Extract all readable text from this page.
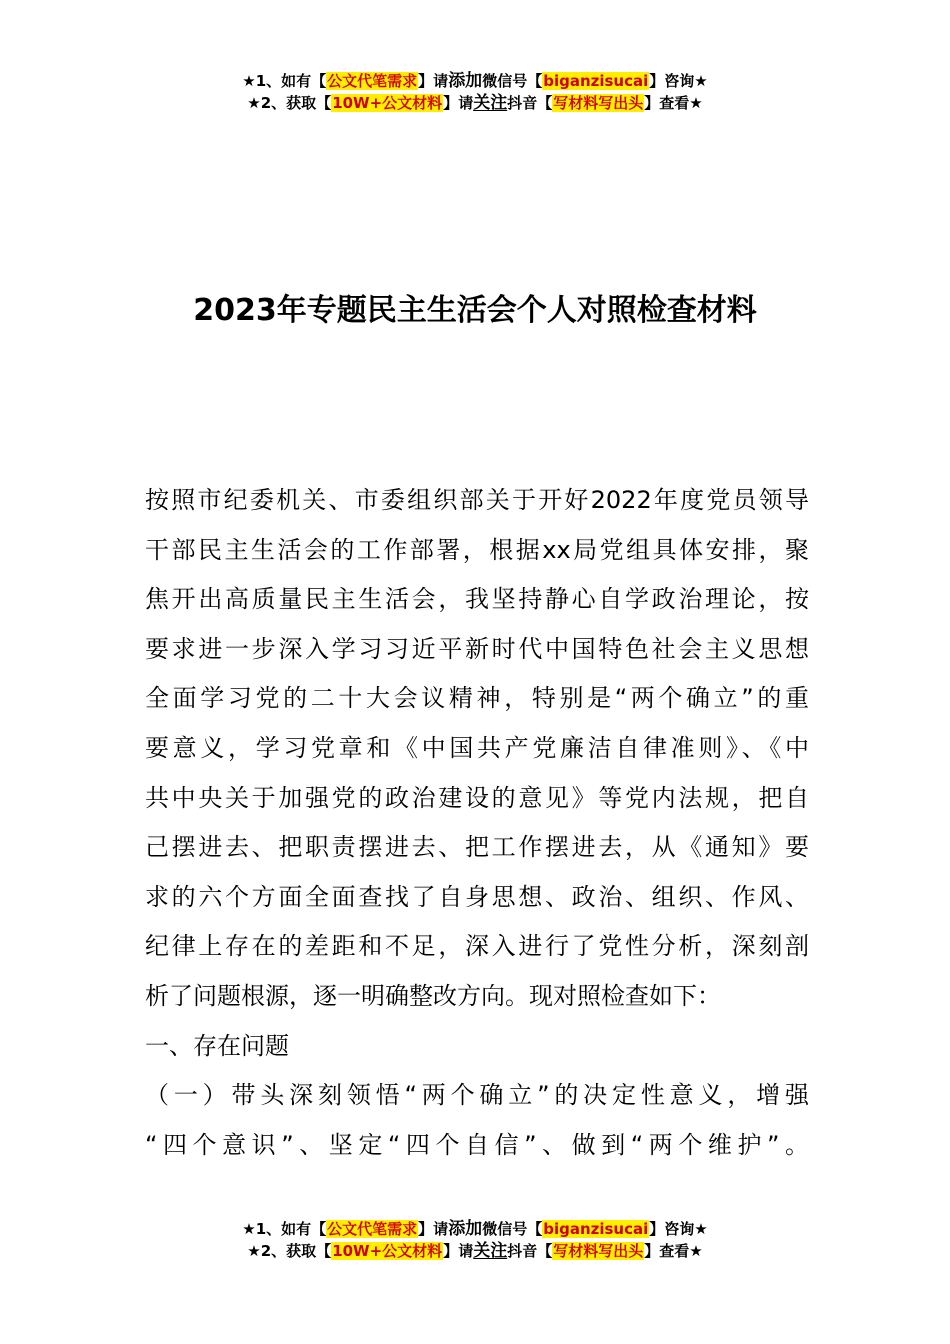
★1、如有【公文代笔需求】请添加微信号【biganzisucai】咨询★
★2、获取【10W+公文材料】请关注抖音【写材料写出头】查看★
2023年专题民主生活会个人对照检查材料

按照市纪委机关、市委组织部关于开好2022年度党员领导
干部民主生活会的工作部署，根据xx局党组具体安排，聚
焦开出高质量民主生活会，我坚持静心自学政治理论，按
要求进一步深入学习习近平新时代中国特色社会主义思想
全面学习党的二十大会议精神，特别是“两个确立”的重
要意义，学习党章和《中国共产党廉洁自律准则》、《中
共中央关于加强党的政治建设的意见》等党内法规，把自
己摆进去、把职责摆进去、把工作摆进去，从《通知》要
求的六个方面全面查找了自身思想、政治、组织、作风、
纪律上存在的差距和不足，深入进行了党性分析，深刻剖
析了问题根源，逐一明确整改方向。现对照检查如下：

一、存在问题

（一）带头深刻领悟“两个确立”的决定性意义，增强
“四个意识”、坚定“四个自信”、做到“两个维护”。

★1、如有【公文代笔需求】请添加微信号【biganzisucai】咨询★
★2、获取【10W+公文材料】请关注抖音【写材料写出头】查看★
